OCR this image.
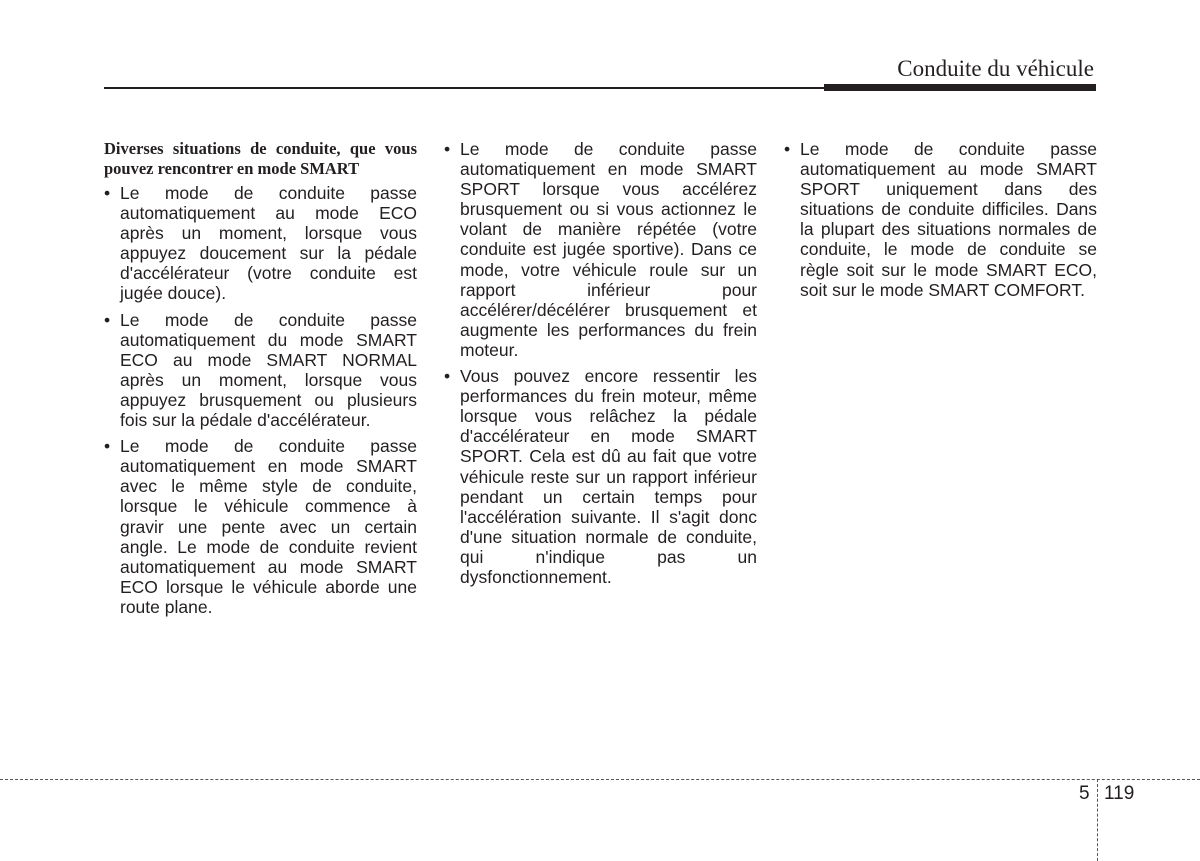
Conduite du véhicule

Diverses situations de conduite, que vous pouvez rencontrer en mode SMART

• Le mode de conduite passe automatiquement au mode ECO après un moment, lorsque vous appuyez doucement sur la pédale d'accélérateur (votre conduite est jugée douce).
• Le mode de conduite passe automatiquement du mode SMART ECO au mode SMART NORMAL après un moment, lorsque vous appuyez brusquement ou plusieurs fois sur la pédale d'accélérateur.
• Le mode de conduite passe automatiquement en mode SMART avec le même style de conduite, lorsque le véhicule commence à gravir une pente avec un certain angle. Le mode de conduite revient automatiquement au mode SMART ECO lorsque le véhicule aborde une route plane.
• Le mode de conduite passe automatiquement en mode SMART SPORT lorsque vous accélérez brusquement ou si vous actionnez le volant de manière répétée (votre conduite est jugée sportive). Dans ce mode, votre véhicule roule sur un rapport inférieur pour accélérer/décélérer brusquement et augmente les performances du frein moteur.
• Vous pouvez encore ressentir les performances du frein moteur, même lorsque vous relâchez la pédale d'accélérateur en mode SMART SPORT. Cela est dû au fait que votre véhicule reste sur un rapport inférieur pendant un certain temps pour l'accélération suivante. Il s'agit donc d'une situation normale de conduite, qui n'indique pas un dysfonctionnement.
• Le mode de conduite passe automatiquement au mode SMART SPORT uniquement dans des situations de conduite difficiles. Dans la plupart des situations normales de conduite, le mode de conduite se règle soit sur le mode SMART ECO, soit sur le mode SMART COMFORT.
5 119
